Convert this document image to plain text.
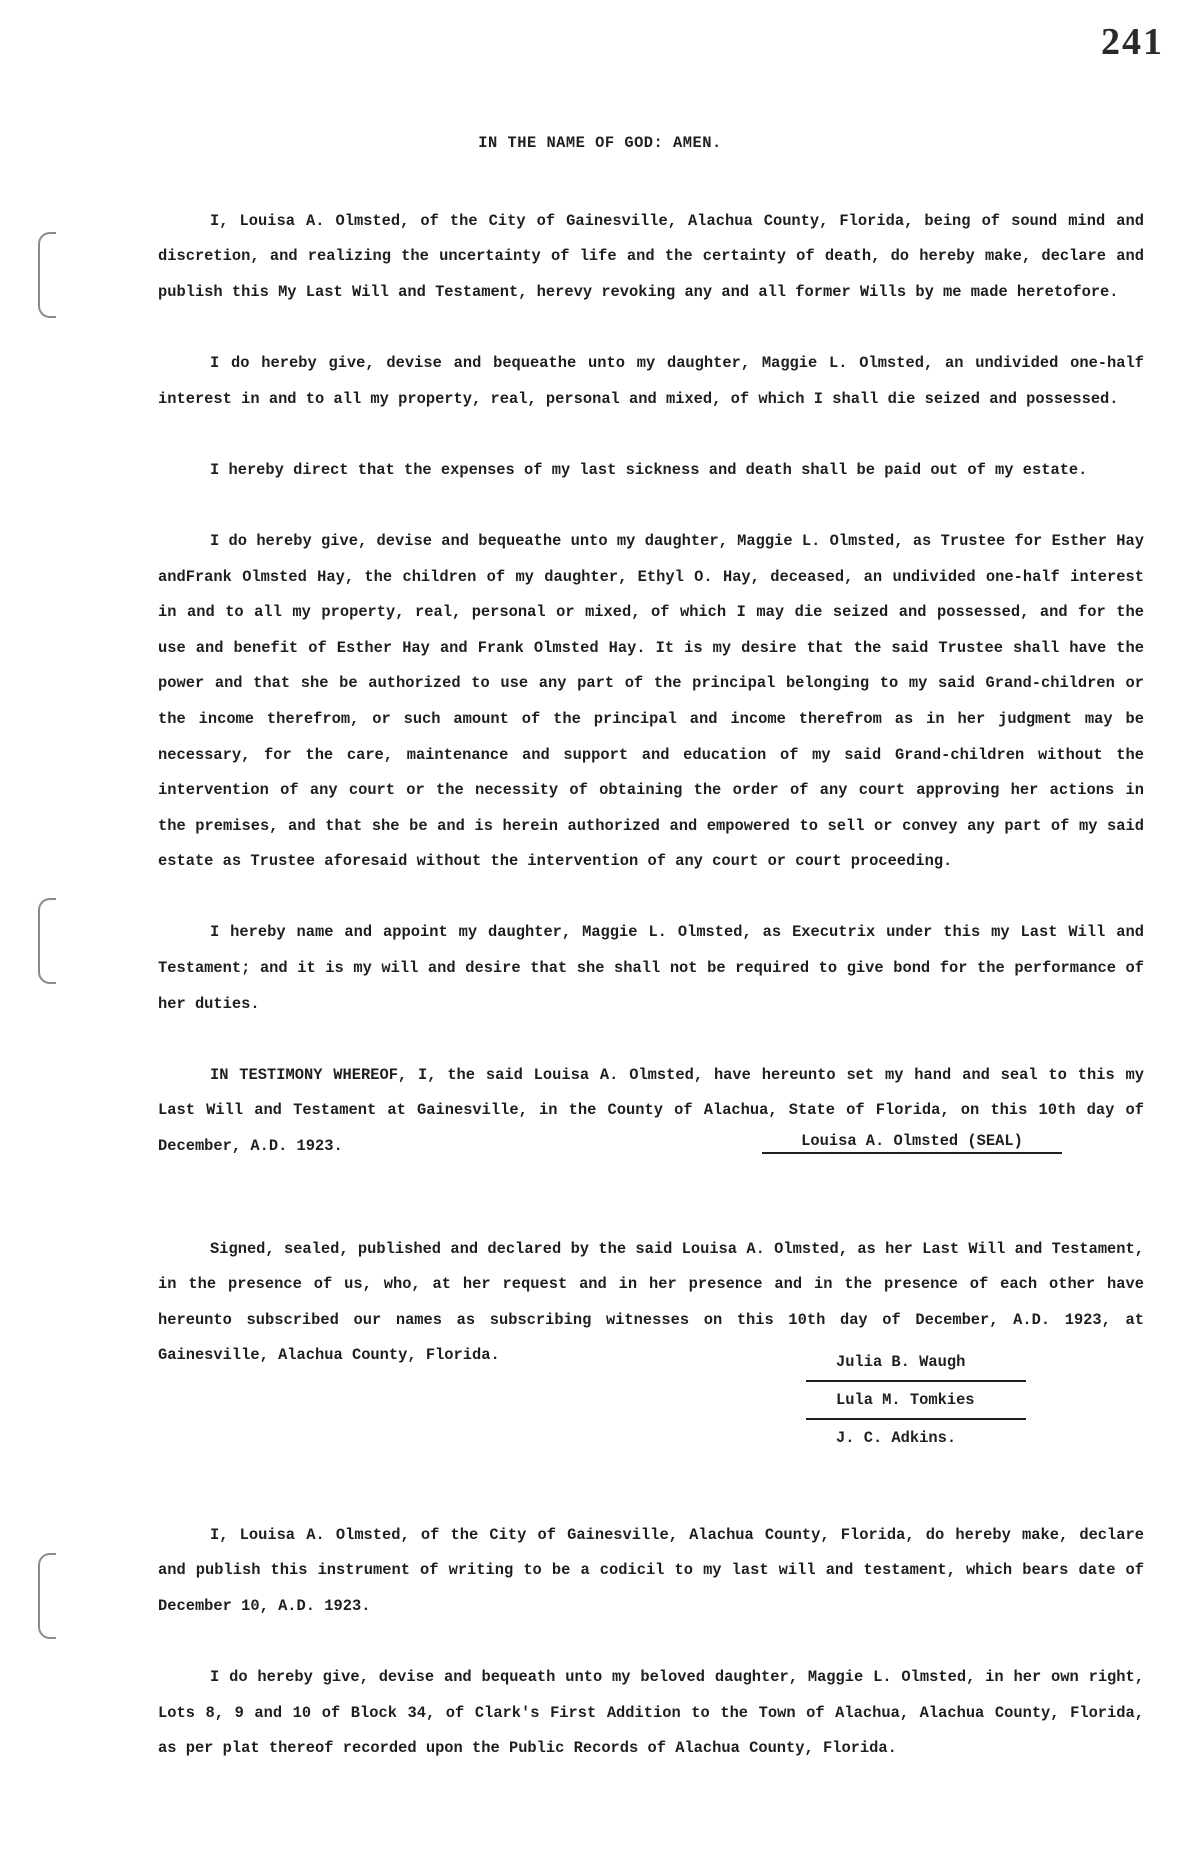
241
IN THE NAME OF GOD: AMEN.

I, Louisa A. Olmsted, of the City of Gainesville, Alachua County, Florida, being of sound mind and discretion, and realizing the uncertainty of life and the certainty of death, do hereby make, declare and publish this My Last Will and Testament, herevy revoking any and all former Wills by me made heretofore.

I do hereby give, devise and bequeathe unto my daughter, Maggie L. Olmsted, an undivided one-half interest in and to all my property, real, personal and mixed, of which I shall die seized and possessed.

I hereby direct that the expenses of my last sickness and death shall be paid out of my estate.

I do hereby give, devise and bequeathe unto my daughter, Maggie L. Olmsted, as Trustee for Esther Hay andFrank Olmsted Hay, the children of my daughter, Ethyl O. Hay, deceased, an undivided one-half interest in and to all my property, real, personal or mixed, of which I may die seized and possessed, and for the use and benefit of Esther Hay and Frank Olmsted Hay. It is my desire that the said Trustee shall have the power and that she be authorized to use any part of the principal belonging to my said Grand-children or the income therefrom, or such amount of the principal and income therefrom as in her judgment may be necessary, for the care, maintenance and support and education of my said Grand-children without the intervention of any court or the necessity of obtaining the order of any court approving her actions in the premises, and that she be and is herein authorized and empowered to sell or convey any part of my said estate as Trustee aforesaid without the intervention of any court or court proceeding.

I hereby name and appoint my daughter, Maggie L. Olmsted, as Executrix under this my Last Will and Testament; and it is my will and desire that she shall not be required to give bond for the performance of her duties.

IN TESTIMONY WHEREOF, I, the said Louisa A. Olmsted, have hereunto set my hand and seal to this my Last Will and Testament at Gainesville, in the County of Alachua, State of Florida, on this 10th day of December, A.D. 1923.	Louisa A. Olmsted (SEAL)

Signed, sealed, published and declared by the said Louisa A. Olmsted, as her Last Will and Testament, in the presence of us, who, at her request and in her presence and in the presence of each other have hereunto subscribed our names as subscribing witnesses on this 10th day of December, A.D. 1923, at Gainesville, Alachua County, Florida.	Julia B. Waugh
Lula M. Tomkies
J. C. Adkins.

I, Louisa A. Olmsted, of the City of Gainesville, Alachua County, Florida, do hereby make, declare and publish this instrument of writing to be a codicil to my last will and testament, which bears date of December 10, A.D. 1923.

I do hereby give, devise and bequeath unto my beloved daughter, Maggie L. Olmsted, in her own right, Lots 8, 9 and 10 of Block 34, of Clark's First Addition to the Town of Alachua, Alachua County, Florida, as per plat thereof recorded upon the Public Records of Alachua County, Florida.
